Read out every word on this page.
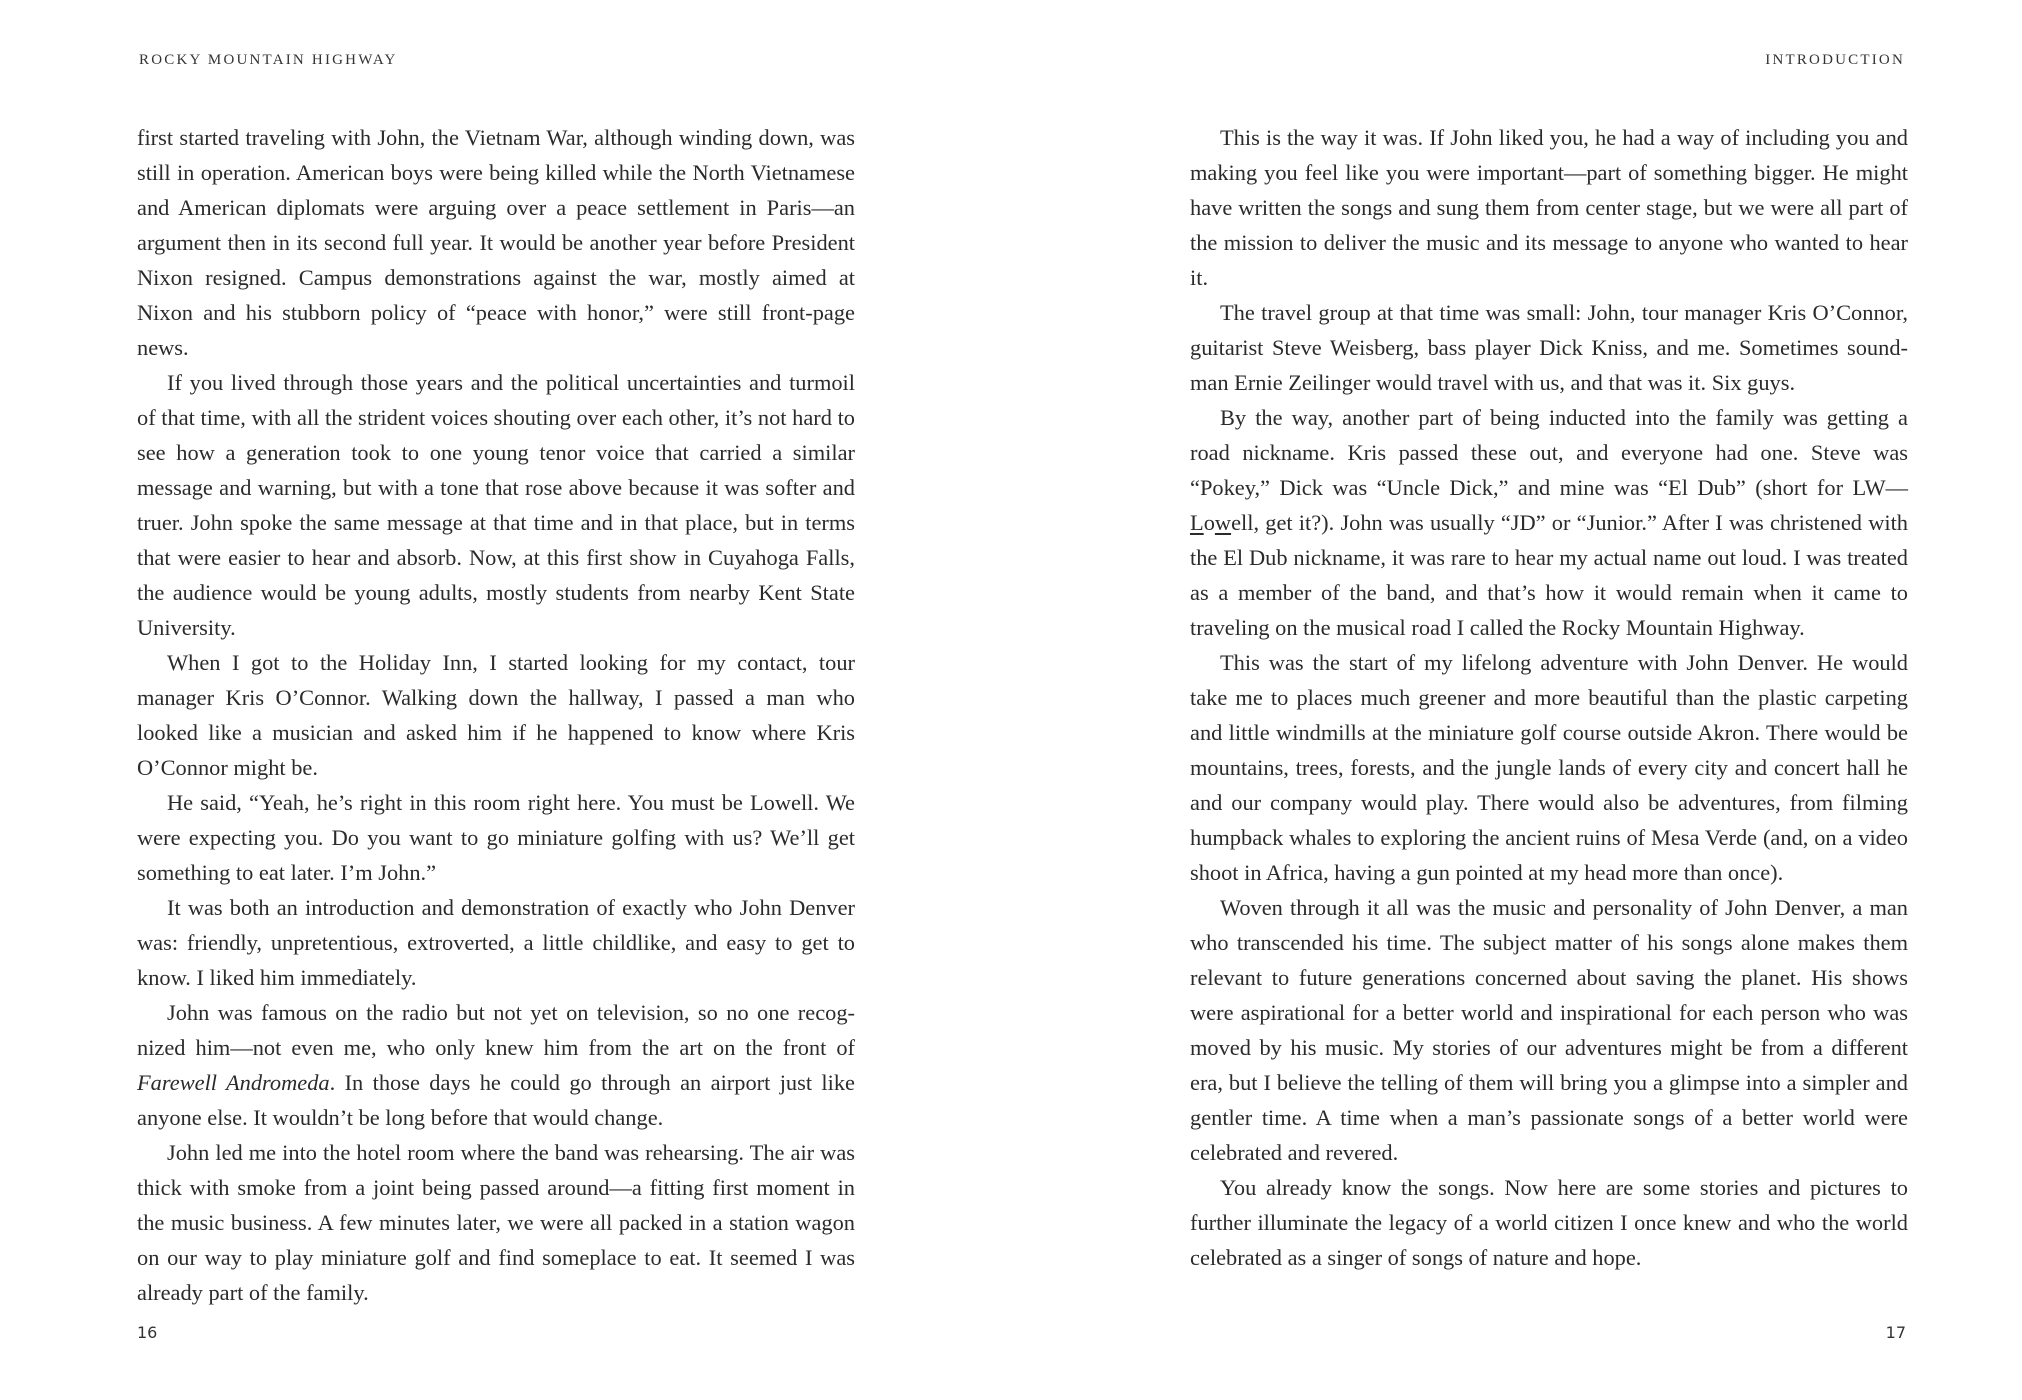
ROCKY MOUNTAIN HIGHWAY

first started traveling with John, the Vietnam War, although winding down, was still in operation. American boys were being killed while the North Vietnamese and American diplomats were arguing over a peace settlement in Paris—an argument then in its second full year. It would be another year before President Nixon resigned. Campus demonstrations against the war, mostly aimed at Nixon and his stubborn policy of “peace with honor,” were still front-page news.

If you lived through those years and the political uncertainties and turmoil of that time, with all the strident voices shouting over each other, it’s not hard to see how a generation took to one young tenor voice that carried a similar message and warning, but with a tone that rose above because it was softer and truer. John spoke the same message at that time and in that place, but in terms that were easier to hear and absorb. Now, at this first show in Cuyahoga Falls, the audience would be young adults, mostly students from nearby Kent State University.

When I got to the Holiday Inn, I started looking for my contact, tour manager Kris O’Connor. Walking down the hallway, I passed a man who looked like a musician and asked him if he happened to know where Kris O’Connor might be.

He said, “Yeah, he’s right in this room right here. You must be Lowell. We were expecting you. Do you want to go miniature golfing with us? We’ll get something to eat later. I’m John.”

It was both an introduction and demonstration of exactly who John Denver was: friendly, unpretentious, extroverted, a little childlike, and easy to get to know. I liked him immediately.

John was famous on the radio but not yet on television, so no one recognized him—not even me, who only knew him from the art on the front of Farewell Andromeda. In those days he could go through an airport just like anyone else. It wouldn’t be long before that would change.

John led me into the hotel room where the band was rehearsing. The air was thick with smoke from a joint being passed around—a fitting first moment in the music business. A few minutes later, we were all packed in a station wagon on our way to play miniature golf and find someplace to eat. It seemed I was already part of the family.

16
INTRODUCTION

This is the way it was. If John liked you, he had a way of including you and making you feel like you were important—part of something bigger. He might have written the songs and sung them from center stage, but we were all part of the mission to deliver the music and its message to anyone who wanted to hear it.

The travel group at that time was small: John, tour manager Kris O’Connor, guitarist Steve Weisberg, bass player Dick Kniss, and me. Sometimes soundman Ernie Zeilinger would travel with us, and that was it. Six guys.

By the way, another part of being inducted into the family was getting a road nickname. Kris passed these out, and everyone had one. Steve was “Pokey,” Dick was “Uncle Dick,” and mine was “El Dub” (short for LW—Lowell, get it?). John was usually “JD” or “Junior.” After I was christened with the El Dub nickname, it was rare to hear my actual name out loud. I was treated as a member of the band, and that’s how it would remain when it came to traveling on the musical road I called the Rocky Mountain Highway.

This was the start of my lifelong adventure with John Denver. He would take me to places much greener and more beautiful than the plastic carpeting and little windmills at the miniature golf course outside Akron. There would be mountains, trees, forests, and the jungle lands of every city and concert hall he and our company would play. There would also be adventures, from filming humpback whales to exploring the ancient ruins of Mesa Verde (and, on a video shoot in Africa, having a gun pointed at my head more than once).

Woven through it all was the music and personality of John Denver, a man who transcended his time. The subject matter of his songs alone makes them relevant to future generations concerned about saving the planet. His shows were aspirational for a better world and inspirational for each person who was moved by his music. My stories of our adventures might be from a different era, but I believe the telling of them will bring you a glimpse into a simpler and gentler time. A time when a man’s passionate songs of a better world were celebrated and revered.

You already know the songs. Now here are some stories and pictures to further illuminate the legacy of a world citizen I once knew and who the world celebrated as a singer of songs of nature and hope.

17
